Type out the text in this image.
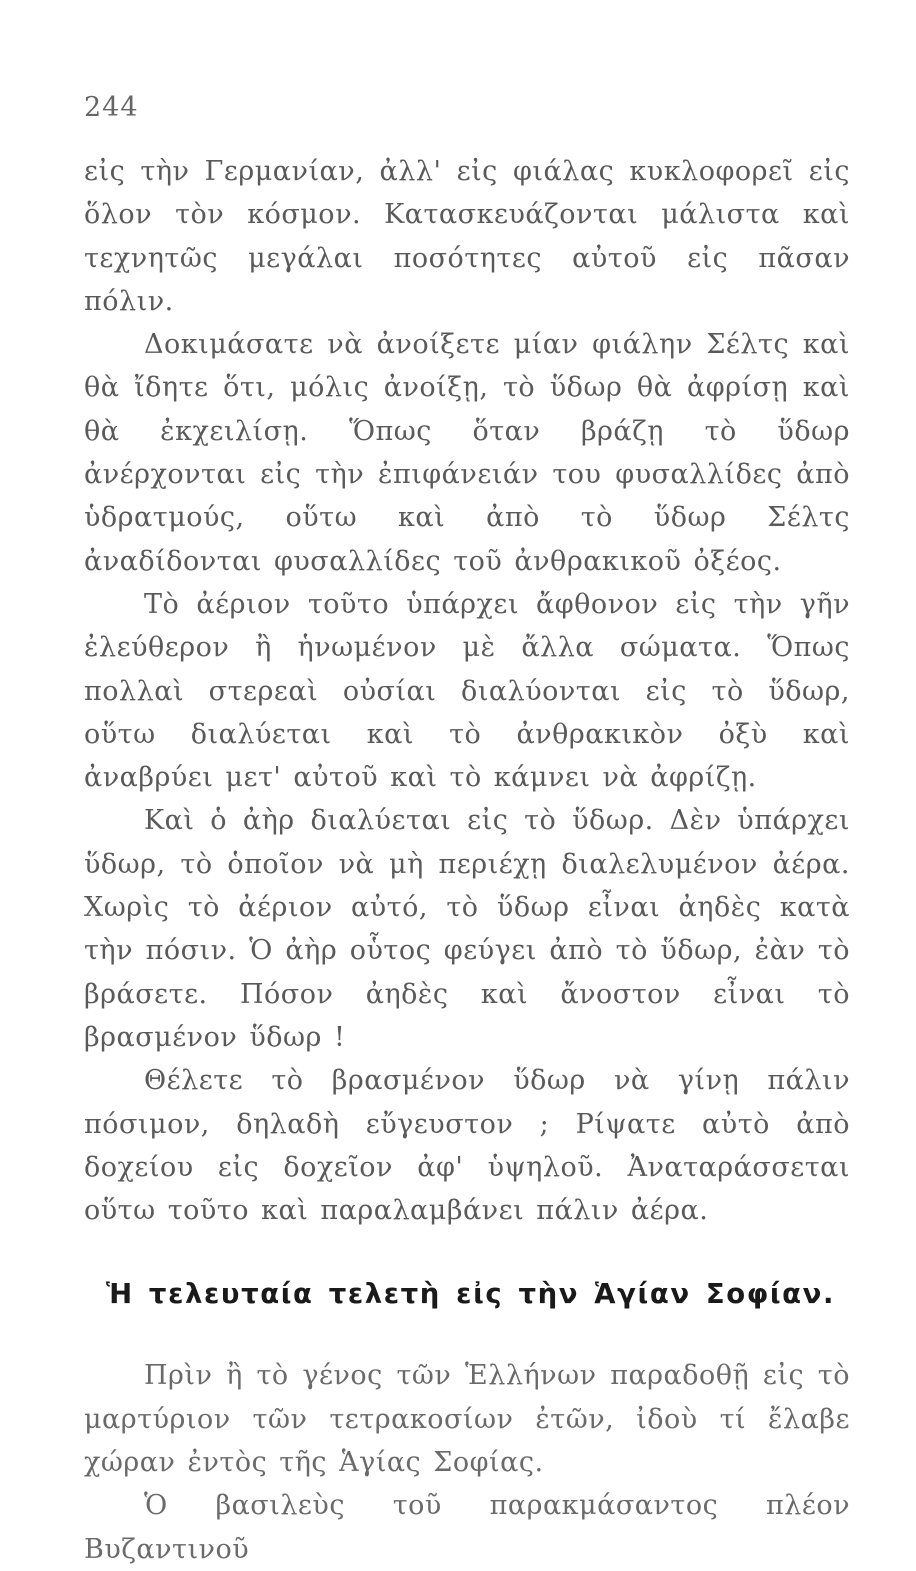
244

εἰς τὴν Γερμανίαν, ἀλλ' εἰς φιάλας κυκλοφορεῖ εἰς ὅλον τὸν κόσμον. Κατασκευάζονται μάλιστα καὶ τεχνητῶς μεγάλαι ποσότητες αὐτοῦ εἰς πᾶσαν πόλιν.

Δοκιμάσατε νὰ ἀνοίξετε μίαν φιάλην Σέλτς καὶ θὰ ἴδητε ὅτι, μόλις ἀνοίξῃ, τὸ ὕδωρ θὰ ἀφρίσῃ καὶ θὰ ἐκχειλίσῃ. Ὅπως ὅταν βράζῃ τὸ ὕδωρ ἀνέρχονται εἰς τὴν ἐπιφάνειάν του φυσαλλίδες ἀπὸ ὑδρατμούς, οὕτω καὶ ἀπὸ τὸ ὕδωρ Σέλτς ἀναδίδονται φυσαλλίδες τοῦ ἀνθρακικοῦ ὀξέος.

Τὸ ἀέριον τοῦτο ὑπάρχει ἄφθονον εἰς τὴν γῆν ἐλεύθερον ἢ ἡνωμένον μὲ ἄλλα σώματα. Ὅπως πολλαὶ στερεαὶ οὐσίαι διαλύονται εἰς τὸ ὕδωρ, οὕτω διαλύεται καὶ τὸ ἀνθρακικὸν ὀξὺ καὶ ἀναβρύει μετ' αὐτοῦ καὶ τὸ κάμνει νὰ ἀφρίζῃ.

Καὶ ὁ ἀὴρ διαλύεται εἰς τὸ ὕδωρ. Δὲν ὑπάρχει ὕδωρ, τὸ ὁποῖον νὰ μὴ περιέχῃ διαλελυμένον ἀέρα. Χωρὶς τὸ ἀέριον αὐτό, τὸ ὕδωρ εἶναι ἀηδὲς κατὰ τὴν πόσιν. Ὁ ἀὴρ οὗτος φεύγει ἀπὸ τὸ ὕδωρ, ἐὰν τὸ βράσετε. Πόσον ἀηδὲς καὶ ἄνοστον εἶναι τὸ βρασμένον ὕδωρ !

Θέλετε τὸ βρασμένον ὕδωρ νὰ γίνῃ πάλιν πόσιμον, δηλαδὴ εὔγευστον ; Ρίψατε αὐτὸ ἀπὸ δοχείου εἰς δοχεῖον ἀφ' ὑψηλοῦ. Ἀναταράσσεται οὕτω τοῦτο καὶ παραλαμβάνει πάλιν ἀέρα.

Ἡ τελευταία τελετὴ εἰς τὴν Ἁγίαν Σοφίαν.

Πρὶν ἢ τὸ γένος τῶν Ἑλλήνων παραδοθῇ εἰς τὸ μαρτύριον τῶν τετρακοσίων ἐτῶν, ἰδοὺ τί ἔλαβε χώραν ἐντὸς τῆς Ἁγίας Σοφίας.

Ὁ βασιλεὺς τοῦ παρακμάσαντος πλέον Βυζαντινοῦ
